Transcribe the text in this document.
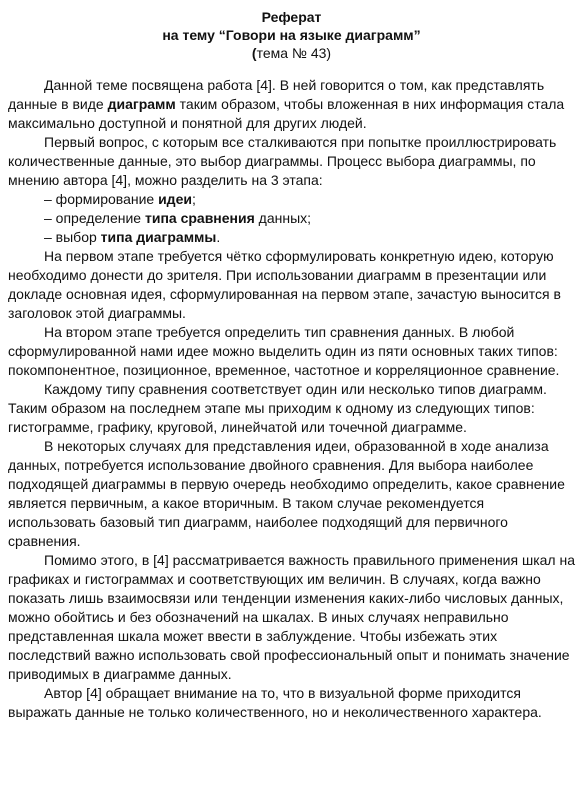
Реферат
на тему “Говори на языке диаграмм”
(тема № 43)

Данной теме посвящена работа [4]. В ней говорится о том, как представлять данные в виде диаграмм таким образом, чтобы вложенная в них информация стала максимально доступной и понятной для других людей.

Первый вопрос, с которым все сталкиваются при попытке проиллюстрировать количественные данные, это выбор диаграммы. Процесс выбора диаграммы, по мнению автора [4], можно разделить на 3 этапа:

– формирование идеи;
– определение типа сравнения данных;
– выбор типа диаграммы.

На первом этапе требуется чётко сформулировать конкретную идею, которую необходимо донести до зрителя. При использовании диаграмм в презентации или докладе основная идея, сформулированная на первом этапе, зачастую выносится в заголовок этой диаграммы.

На втором этапе требуется определить тип сравнения данных. В любой сформулированной нами идее можно выделить один из пяти основных таких типов: покомпонентное, позиционное, временное, частотное и корреляционное сравнение.

Каждому типу сравнения соответствует один или несколько типов диаграмм. Таким образом на последнем этапе мы приходим к одному из следующих типов: гистограмме, графику, круговой, линейчатой или точечной диаграмме.

В некоторых случаях для представления идеи, образованной в ходе анализа данных, потребуется использование двойного сравнения. Для выбора наиболее подходящей диаграммы в первую очередь необходимо определить, какое сравнение является первичным, а какое вторичным. В таком случае рекомендуется использовать базовый тип диаграмм, наиболее подходящий для первичного сравнения.

Помимо этого, в [4] рассматривается важность правильного применения шкал на графиках и гистограммах и соответствующих им величин. В случаях, когда важно показать лишь взаимосвязи или тенденции изменения каких-либо числовых данных, можно обойтись и без обозначений на шкалах. В иных случаях неправильно представленная шкала может ввести в заблуждение. Чтобы избежать этих последствий важно использовать свой профессиональный опыт и понимать значение приводимых в диаграмме данных.

Автор [4] обращает внимание на то, что в визуальной форме приходится выражать данные не только количественного, но и неколичественного характера.
